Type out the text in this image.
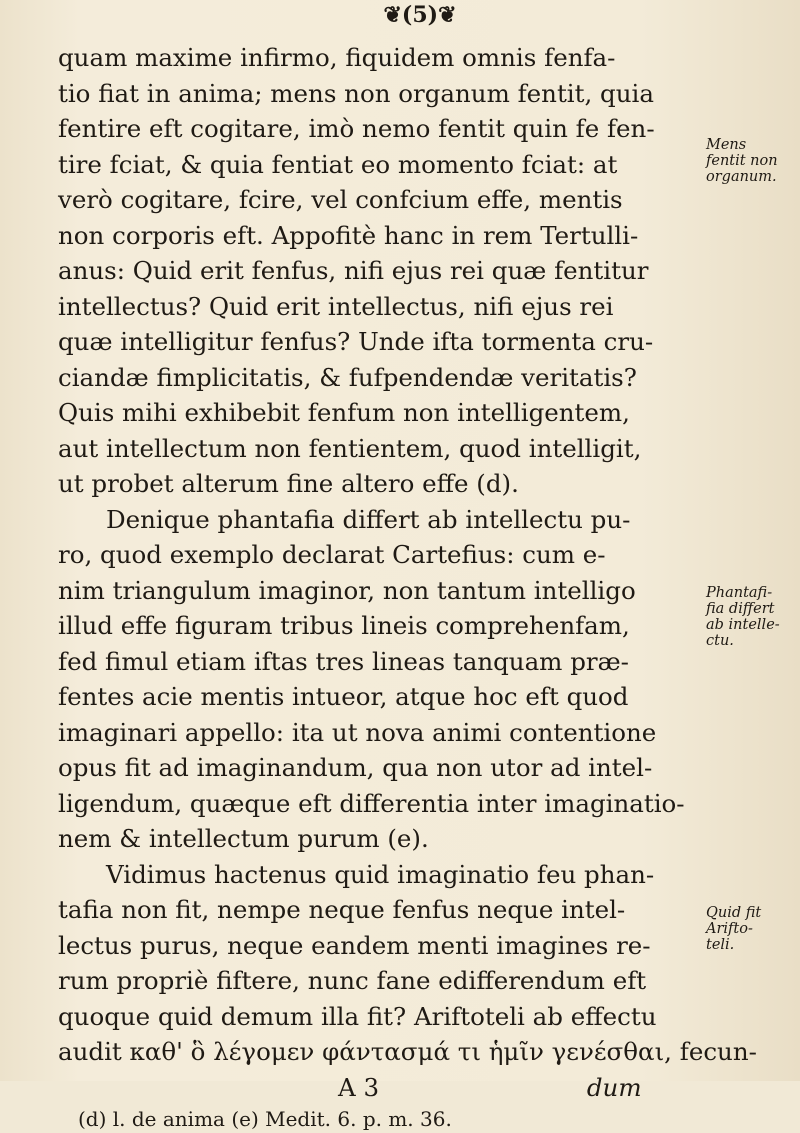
❦(5)❦
quam maxime infirmo, fiquidem omnis fenfa-
tio fiat in anima; mens non organum fentit, quia
fentire eft cogitare, imò nemo fentit quin fe fen-
tire fciat, & quia fentiat eo momento fciat: at
verò cogitare, fcire, vel confcium effe, mentis
non corporis eft. Appofitè hanc in rem Tertulli-
anus: Quid erit fenfus, nifi ejus rei quæ fentitur
intellectus? Quid erit intellectus, nifi ejus rei
quæ intelligitur fenfus? Unde ifta tormenta cru-
ciandæ fimplicitatis, & fufpendendæ veritatis?
Quis mihi exhibebit fenfum non intelligentem,
aut intellectum non fentientem, quod intelligit,
ut probet alterum fine altero effe (d).
Denique phantafia differt ab intellectu pu-
ro, quod exemplo declarat Cartefius: cum e-
nim triangulum imaginor, non tantum intelligo
illud effe figuram tribus lineis comprehenfam,
fed fimul etiam iftas tres lineas tanquam præ-
fentes acie mentis intueor, atque hoc eft quod
imaginari appello: ita ut nova animi contentione
opus fit ad imaginandum, qua non utor ad intel-
ligendum, quæque eft differentia inter imaginatio-
nem & intellectum purum (e).
Vidimus hactenus quid imaginatio feu phan-
tafia non fit, nempe neque fenfus neque intel-
lectus purus, neque eandem menti imagines re-
rum propriè fiftere, nunc fane edifferendum eft
quoque quid demum illa fit? Ariftoteli ab effectu
audit καθ' ὃ λέγομεν φάντασμά τι ἡμῖν γενέσθαι, fecun-
A 3	dum
(d) l. de anima (e) Medit. 6. p. m. 36.
Mens
fentit non
organum.
Phantafi-
fia differt
ab intelle-
ctu.
Quid fit
Arifto-
teli.
